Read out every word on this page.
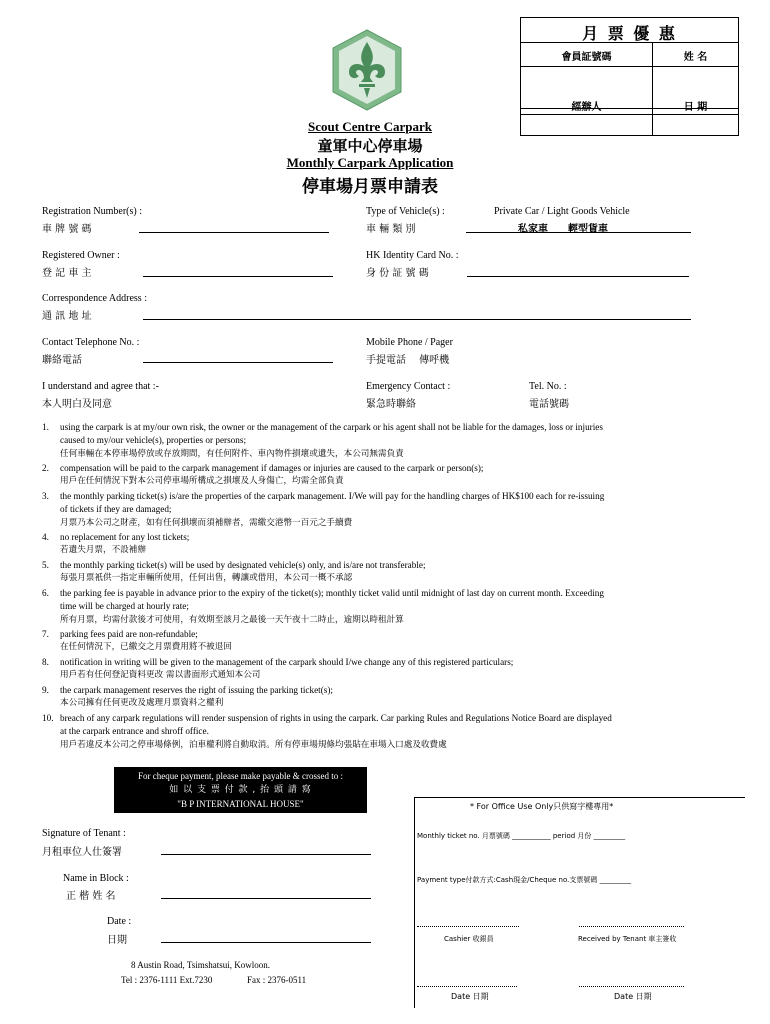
月 票 優 惠
會員証號碼	姓 名
經辦人	日 期
Scout Centre Carpark
童軍中心停車場
Monthly Carpark Application
停車場月票申請表
Registration Number(s) :
車 牌 號 碼
Type of Vehicle(s) :
車 輛 類 別
Private Car / Light Goods Vehicle
私家車　　輕型貨車
Registered Owner :
登 記 車 主
HK Identity Card No. :
身 份 証 號 碼
Correspondence Address :
通 訊 地 址
Contact Telephone No. :
聯絡電話
Mobile Phone / Pager
手提電話　 傳呼機
I understand and agree that :-
本人明白及同意
Emergency Contact :
緊急時聯絡
Tel. No. :
電話號碼
1.	using the carpark is at my/our own risk, the owner or the management of the carpark or his agent shall not be liable for the damages, loss or injuries
caused to my/our vehicle(s), properties or persons;
任何車輛在本停車場停放或存放期間，有任何附件、車內物件損壞或遺失，本公司無需負責
2.	compensation will be paid to the carpark management if damages or injuries are caused to the carpark or person(s);
用戶在任何情況下對本公司停車場所構成之損壞及人身傷亡，均需全部負責
3.	the monthly parking ticket(s) is/are the properties of the carpark management. I/We will pay for the handling charges of HK$100 each for re-issuing
of tickets if they are damaged;
月票乃本公司之財產，如有任何損壞而須補辦者，需繳交港幣一百元之手續費
4.	no replacement for any lost tickets;
若遺失月票，不設補辦
5.	the monthly parking ticket(s) will be used by designated vehicle(s) only, and is/are not transferable;
每張月票衹供一指定車輛所使用，任何出售，轉讓或借用，本公司一概不承認
6.	the parking fee is payable in advance prior to the expiry of the ticket(s); monthly ticket valid until midnight of last day on current month. Exceeding
time will be charged at hourly rate;
所有月票，均需付款後才可使用，有效期至該月之最後一天午夜十二時止，逾期以時租計算
7.	parking fees paid are non-refundable;
在任何情況下，已繳交之月票費用將不被退回
8.	notification in writing will be given to the management of the carpark should I/we change any of this registered particulars;
用戶若有任何登記資料更改 需以書面形式通知本公司
9.	the carpark management reserves the right of issuing the parking ticket(s);
本公司擁有任何更改及處理月票資料之權利
10. breach of any carpark regulations will render suspension of rights in using the carpark. Car parking Rules and Regulations Notice Board are displayed
at the carpark entrance and shroff office.
用戶若違反本公司之停車場條例，泊車權利將自動取消。所有停車場規條均張貼在車場入口處及收費處
For cheque payment, please make payable & crossed to :
如 以 支 票 付 款 , 抬 頭 請 寫
"B P INTERNATIONAL HOUSE"
Signature of Tenant :
月租車位人仕簽署
Name in Block :
正 楷 姓 名
Date :
日期
8 Austin Road, Tsimshatsui, Kowloon.
Tel : 2376-1111 Ext.7230	Fax : 2376-0511
* For Office Use Only只供寫字樓專用*
Monthly ticket no. 月票號碼 ___________ period 月份 _________
Payment type付款方式:Cash現金/Cheque no.支票號碼 _________
Cashier 收銀員	Received by Tenant 車主簽收
Date 日期	Date 日期
